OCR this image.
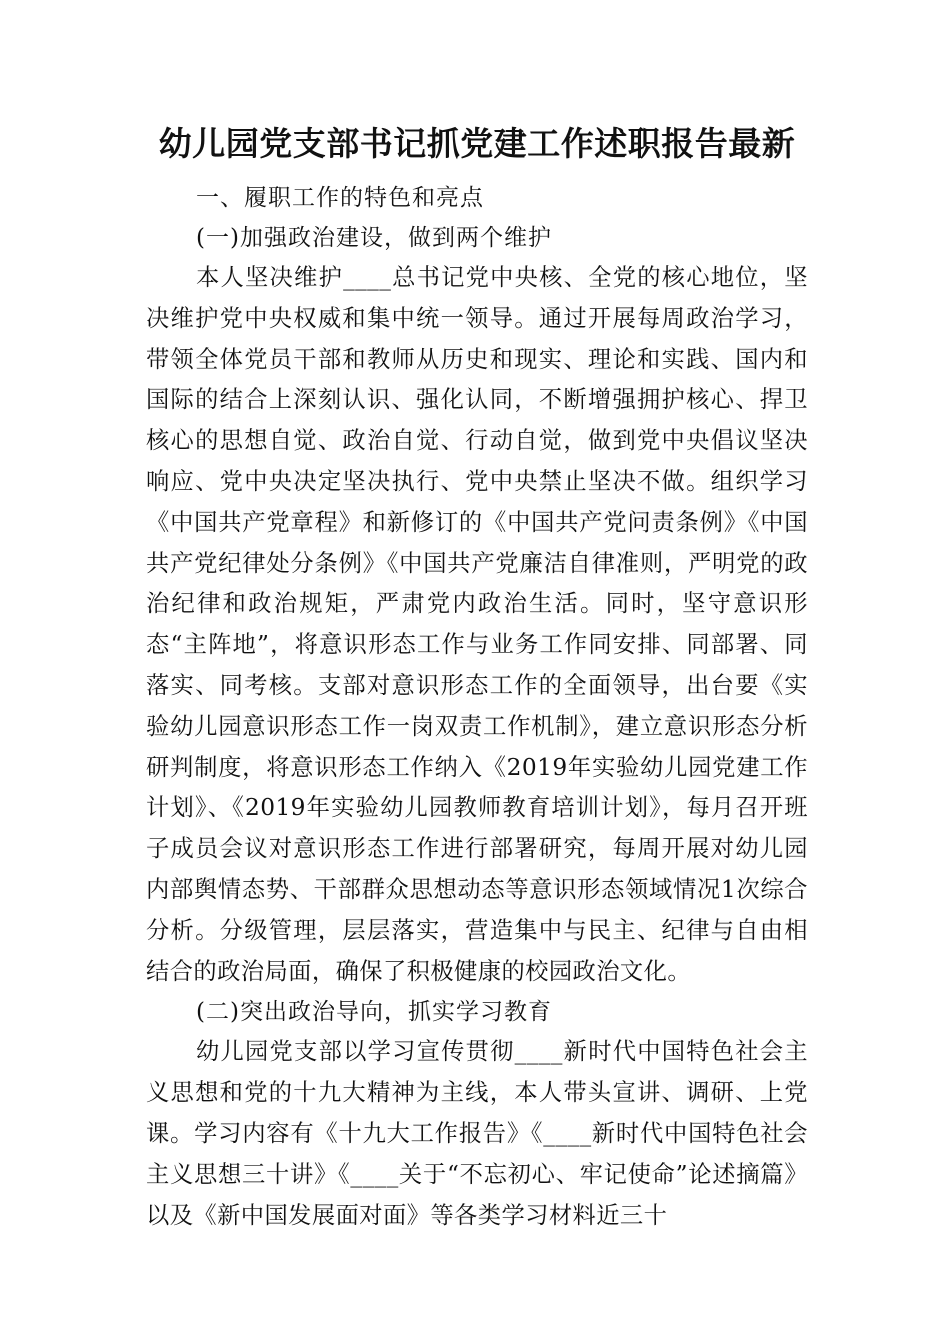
幼儿园党支部书记抓党建工作述职报告最新

一、履职工作的特色和亮点

(一)加强政治建设，做到两个维护

本人坚决维护____总书记党中央核、全党的核心地位，坚决维护党中央权威和集中统一领导。通过开展每周政治学习，带领全体党员干部和教师从历史和现实、理论和实践、国内和国际的结合上深刻认识、强化认同，不断增强拥护核心、捍卫核心的思想自觉、政治自觉、行动自觉，做到党中央倡议坚决响应、党中央决定坚决执行、党中央禁止坚决不做。组织学习《中国共产党章程》和新修订的《中国共产党问责条例》《中国共产党纪律处分条例》《中国共产党廉洁自律准则，严明党的政治纪律和政治规矩，严肃党内政治生活。同时，坚守意识形态“主阵地”，将意识形态工作与业务工作同安排、同部署、同落实、同考核。支部对意识形态工作的全面领导，出台要《实验幼儿园意识形态工作一岗双责工作机制》，建立意识形态分析研判制度，将意识形态工作纳入《2019年实验幼儿园党建工作计划》、《2019年实验幼儿园教师教育培训计划》，每月召开班子成员会议对意识形态工作进行部署研究，每周开展对幼儿园内部舆情态势、干部群众思想动态等意识形态领域情况1次综合分析。分级管理，层层落实，营造集中与民主、纪律与自由相结合的政治局面，确保了积极健康的校园政治文化。

(二)突出政治导向，抓实学习教育

幼儿园党支部以学习宣传贯彻____新时代中国特色社会主义思想和党的十九大精神为主线，本人带头宣讲、调研、上党课。学习内容有《十九大工作报告》《____新时代中国特色社会主义思想三十讲》《____关于“不忘初心、牢记使命”论述摘篇》以及《新中国发展面对面》等各类学习材料近三十
